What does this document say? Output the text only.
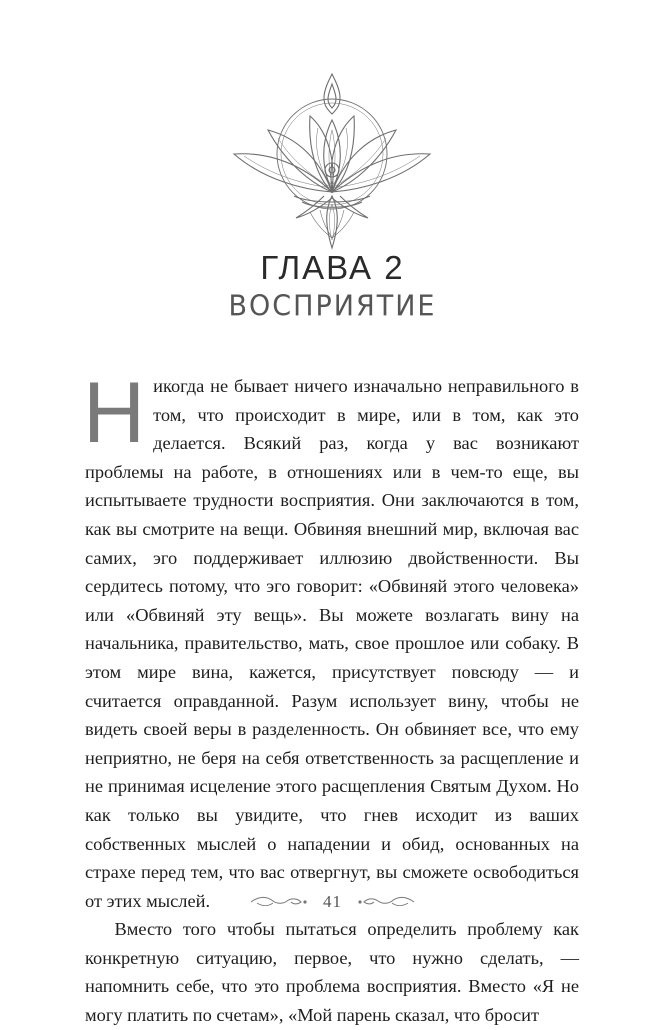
ГЛАВА 2
ВОСПРИЯТИЕ

Никогда не бывает ничего изначально неправильного в том, что происходит в мире, или в том, как это делается. Всякий раз, когда у вас возникают проблемы на работе, в отношениях или в чем-то еще, вы испытываете трудности восприятия. Они заключаются в том, как вы смотрите на вещи. Обвиняя внешний мир, включая вас самих, эго поддерживает иллюзию двойственности. Вы сердитесь потому, что эго говорит: «Обвиняй этого человека» или «Обвиняй эту вещь». Вы можете возлагать вину на начальника, правительство, мать, свое прошлое или собаку. В этом мире вина, кажется, присутствует повсюду — и считается оправданной. Разум использует вину, чтобы не видеть своей веры в разделенность. Он обвиняет все, что ему неприятно, не беря на себя ответственность за расщепление и не принимая исцеление этого расщепления Святым Духом. Но как только вы увидите, что гнев исходит из ваших собственных мыслей о нападении и обид, основанных на страхе перед тем, что вас отвергнут, вы сможете освободиться от этих мыслей.

Вместо того чтобы пытаться определить проблему как конкретную ситуацию, первое, что нужно сделать, — напомнить себе, что это проблема восприятия. Вместо «Я не могу платить по счетам», «Мой парень сказал, что бросит

41
